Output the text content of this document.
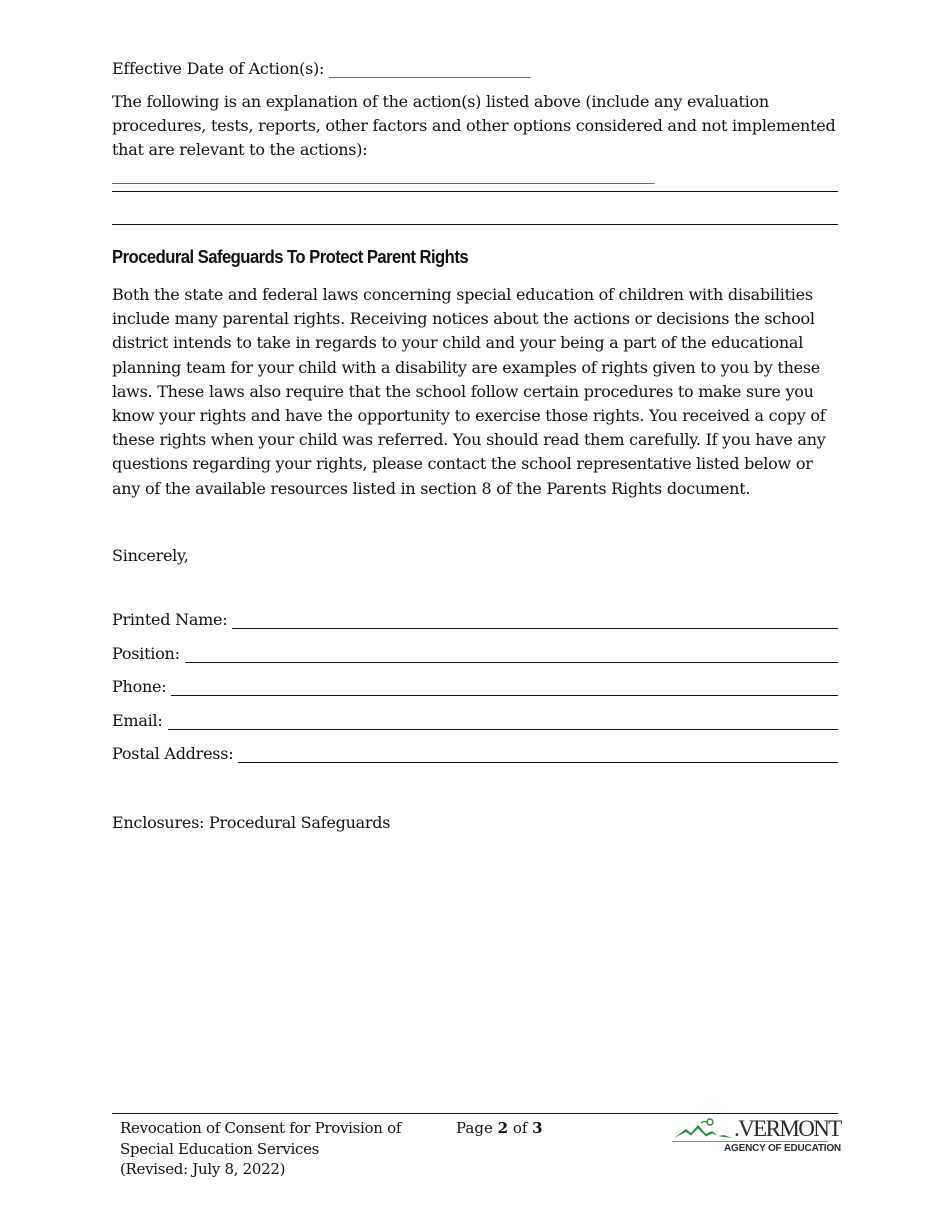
Effective Date of Action(s): __________________________
The following is an explanation of the action(s) listed above (include any evaluation procedures, tests, reports, other factors and other options considered and not implemented that are relevant to the actions): ______________________________________________________________________
Procedural Safeguards To Protect Parent Rights
Both the state and federal laws concerning special education of children with disabilities include many parental rights. Receiving notices about the actions or decisions the school district intends to take in regards to your child and your being a part of the educational planning team for your child with a disability are examples of rights given to you by these laws. These laws also require that the school follow certain procedures to make sure you know your rights and have the opportunity to exercise those rights. You received a copy of these rights when your child was referred. You should read them carefully. If you have any questions regarding your rights, please contact the school representative listed below or any of the available resources listed in section 8 of the Parents Rights document.
Sincerely,
Printed Name:
Position:
Phone:
Email:
Postal Address:
Enclosures: Procedural Safeguards
Revocation of Consent for Provision of
Special Education Services
(Revised: July 8, 2022)
Page 2 of 3	.VERMONT
AGENCY OF EDUCATION
